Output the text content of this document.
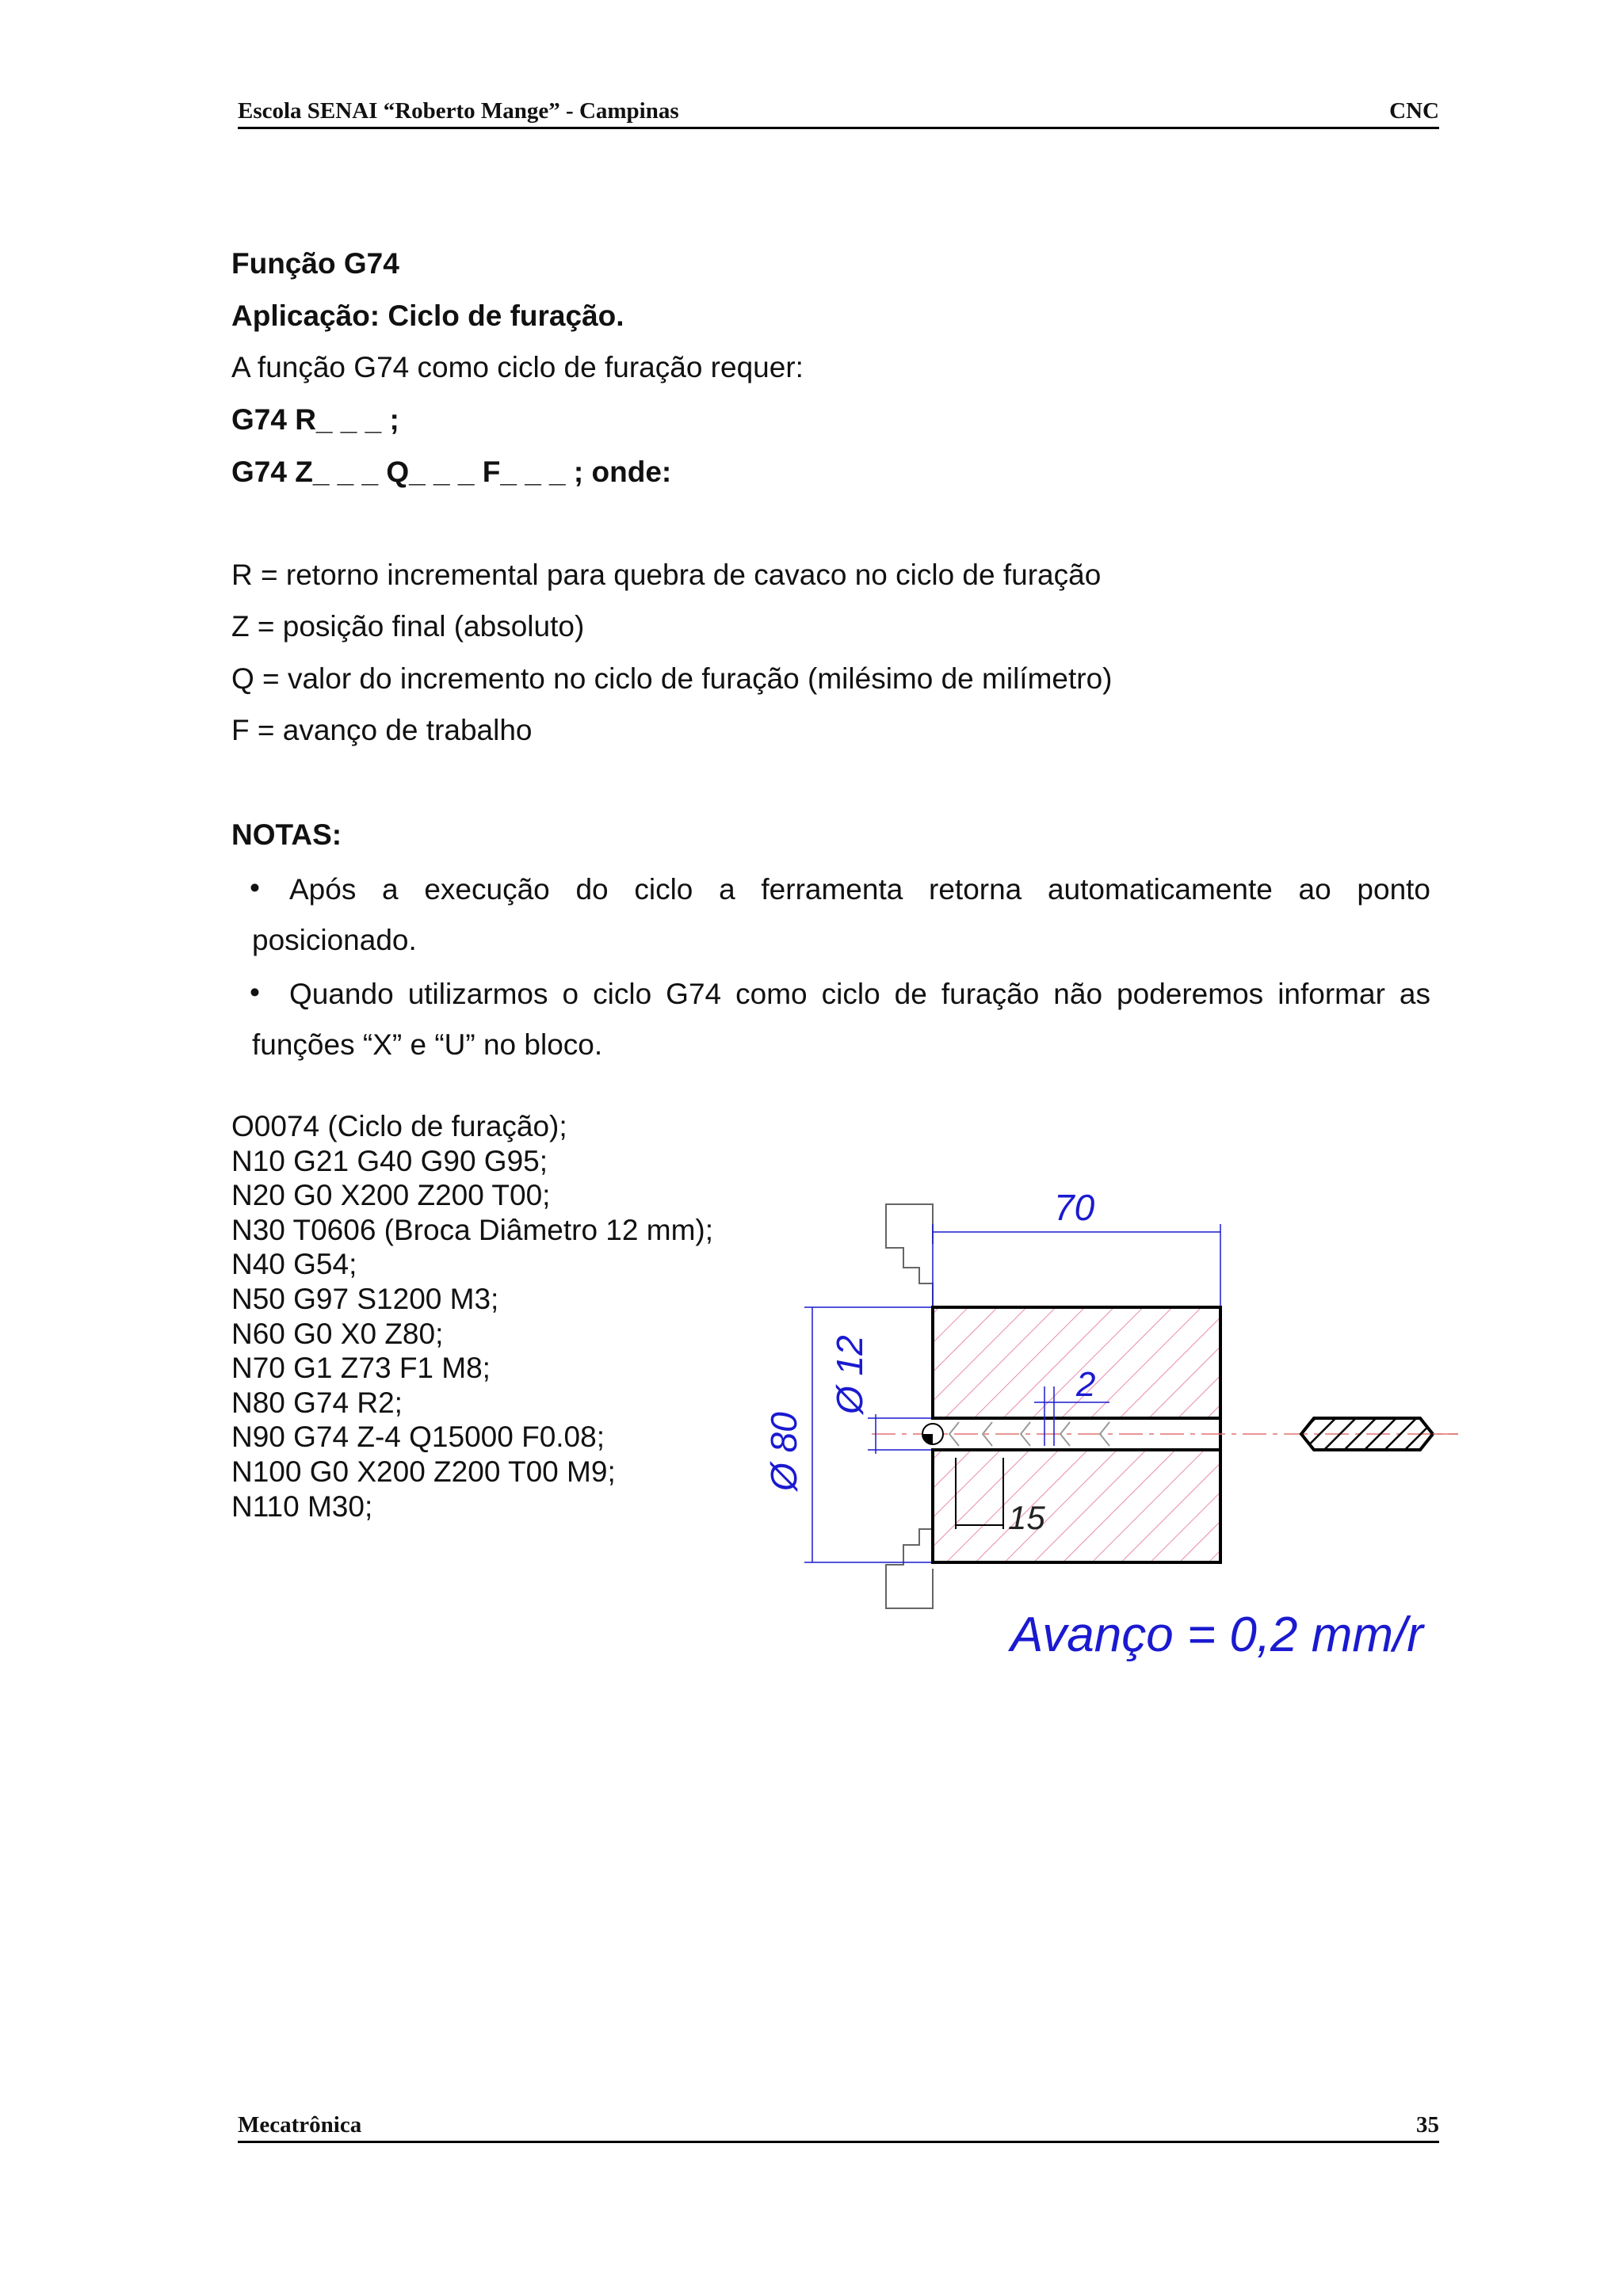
Escola SENAI “Roberto Mange” - Campinas	CNC
Função G74
Aplicação: Ciclo de furação.
A função G74 como ciclo de furação requer:
G74 R_ _ _ ;
G74 Z_ _ _ Q_ _ _ F_ _ _ ; onde:
R = retorno incremental para quebra de cavaco no ciclo de furação
Z = posição final (absoluto)
Q = valor do incremento no ciclo de furação (milésimo de milímetro)
F = avanço de trabalho
NOTAS:
• Após a execução do ciclo a ferramenta retorna automaticamente ao ponto
posicionado.
• Quando utilizarmos o ciclo G74 como ciclo de furação não poderemos informar as
funções “X” e “U” no bloco.
O0074 (Ciclo de furação);
N10 G21 G40 G90 G95;
N20 G0 X200 Z200 T00;
N30 T0606 (Broca Diâmetro 12 mm);
N40 G54;
N50 G97 S1200 M3;
N60 G0 X0 Z80;
N70 G1 Z73 F1 M8;
N80 G74 R2;
N90 G74 Z-4 Q15000 F0.08;
N100 G0 X200 Z200 T00 M9;
N110 M30;
70
Ø 80
Ø 12	2
15
Avanço = 0,2 mm/r
Mecatrônica	35
